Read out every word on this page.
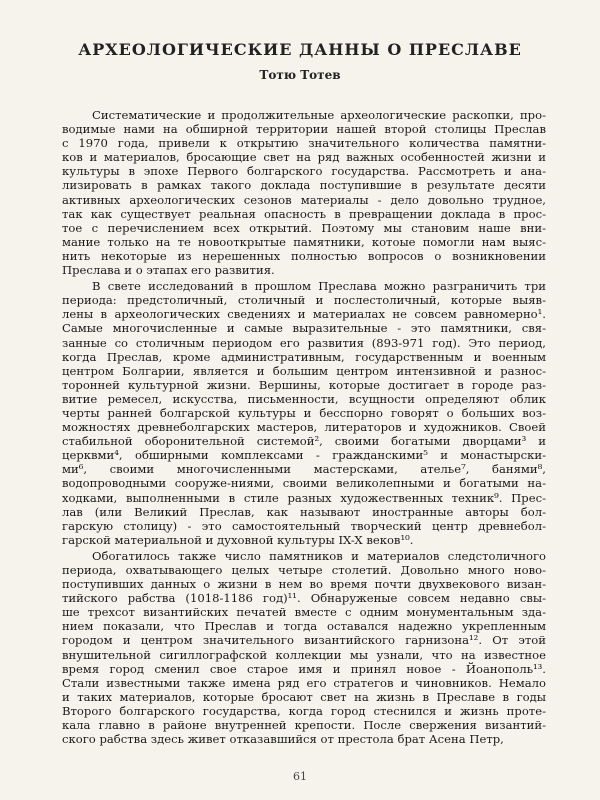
АРХЕОЛОГИЧЕСКИЕ ДАННЫ О ПРЕСЛАВЕ
Тотю Тотев
Систематические и продолжительные археологические раскопки, про-
водимые нами на обширной территории нашей второй столицы Преслав
с 1970 года, привели к открытию значительного количества памятни-
ков и материалов, бросающие свет на ряд важных особенностей жизни и
культуры в эпохе Первого болгарского государства. Рассмотреть и ана-
лизировать в рамках такого доклада поступившие в результате десяти
активных археологических сезонов материалы - дело довольно трудное,
так как существует реальная опасность в превращении доклада в прос-
тое с перечислением всех открытий. Поэтому мы становим наше вни-
мание только на те новооткрытые памятники, котоые помогли нам выяс-
нить некоторые из нерешенных полностью вопросов о возникновении
Преслава и о этапах его развития.
В свете исследований в прошлом Преслава можно разграничить три
периода: предстоличный, столичный и послестоличный, которые выяв-
лены в археологических сведениях и материалах не совсем равномерно¹.
Самые многочисленные и самые выразительные - это памятники, свя-
занные со столичным периодом его развития (893-971 год). Это период,
когда Преслав, кроме административным, государственным и военным
центром Болгарии, является и большим центром интензивной и разнос-
торонней культурной жизни. Вершины, которые достигает в городе раз-
витие ремесел, искусства, письменности, всущности определяют облик
черты ранней болгарской культуры и бесспорно говорят о больших воз-
можностях древнеболгарских мастеров, литераторов и художников. Своей
стабильной оборонительной системой², своими богатыми дворцами³ и
церквми⁴, обширными комплексами - гражданскими⁵ и монастырски-
ми⁶, своими многочисленными мастерсками, ателье⁷, банями⁸,
водопроводными сооруже-ниями, своими великолепными и богатыми на-
ходками, выполненными в стиле разных художественных техник⁹. Прес-
лав (или Великий Преслав, как называют иностранные авторы бол-
гарскую столицу) - это самостоятельный творческий центр древнебол-
гарской материальной и духовной культуры IX-X веков¹⁰.
Обогатилось также число памятников и материалов следстоличного
периода, охватывающего целых четыре столетий. Довольно много ново-
поступивших данных о жизни в нем во время почти двухвекового визан-
тийского рабства (1018-1186 год)¹¹. Обнаруженые совсем недавно свы-
ше трехсот византийских печатей вместе с одним монументальным зда-
нием показали, что Преслав и тогда оставался надежно укрепленным
городом и центром значительного византийского гарнизона¹². От этой
внушительной сигиллографской коллекции мы узнали, что на известное
время город сменил свое старое имя и принял новое - Йоанополь¹³.
Стали известными также имена ряд его стратегов и чиновников. Немало
и таких материалов, которые бросают свет на жизнь в Преславе в годы
Второго болгарского государства, когда город стеснился и жизнь проте-
кала главно в районе внутренней крепости. После свержения византий-
ского рабства здесь живет отказавшийся от престола брат Асена Петр,
61
